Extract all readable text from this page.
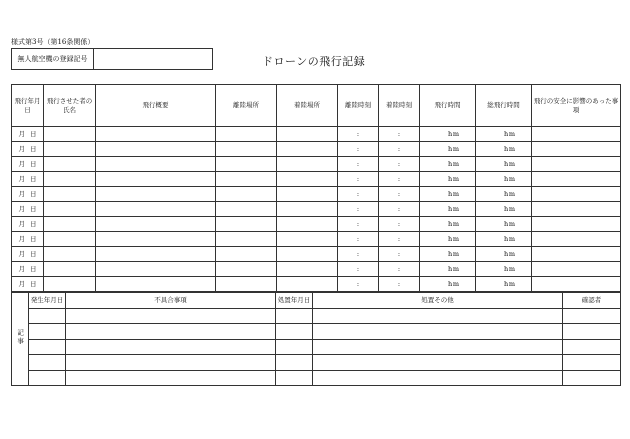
様式第3号（第16条関係）
無人航空機の登録記号	ドローンの飛行記録
飛行年月日	飛行させた者の氏名	飛行概要	離陸場所	着陸場所	離陸時刻	着陸時刻	飛行時間	総飛行時間	飛行の安全に影響のあった事項

月 日					:	:	h m	h m	

月 日					:	:	h m	h m	

月 日					:	:	h m	h m	

月 日					:	:	h m	h m	

月 日					:	:	h m	h m	

月 日					:	:	h m	h m	

月 日					:	:	h m	h m	

月 日					:	:	h m	h m	

月 日					:	:	h m	h m	

月 日					:	:	h m	h m	

月 日					:	:	h m	h m	

記事	発生年月日	不具合事項	処置年月日	処置その他	確認者
